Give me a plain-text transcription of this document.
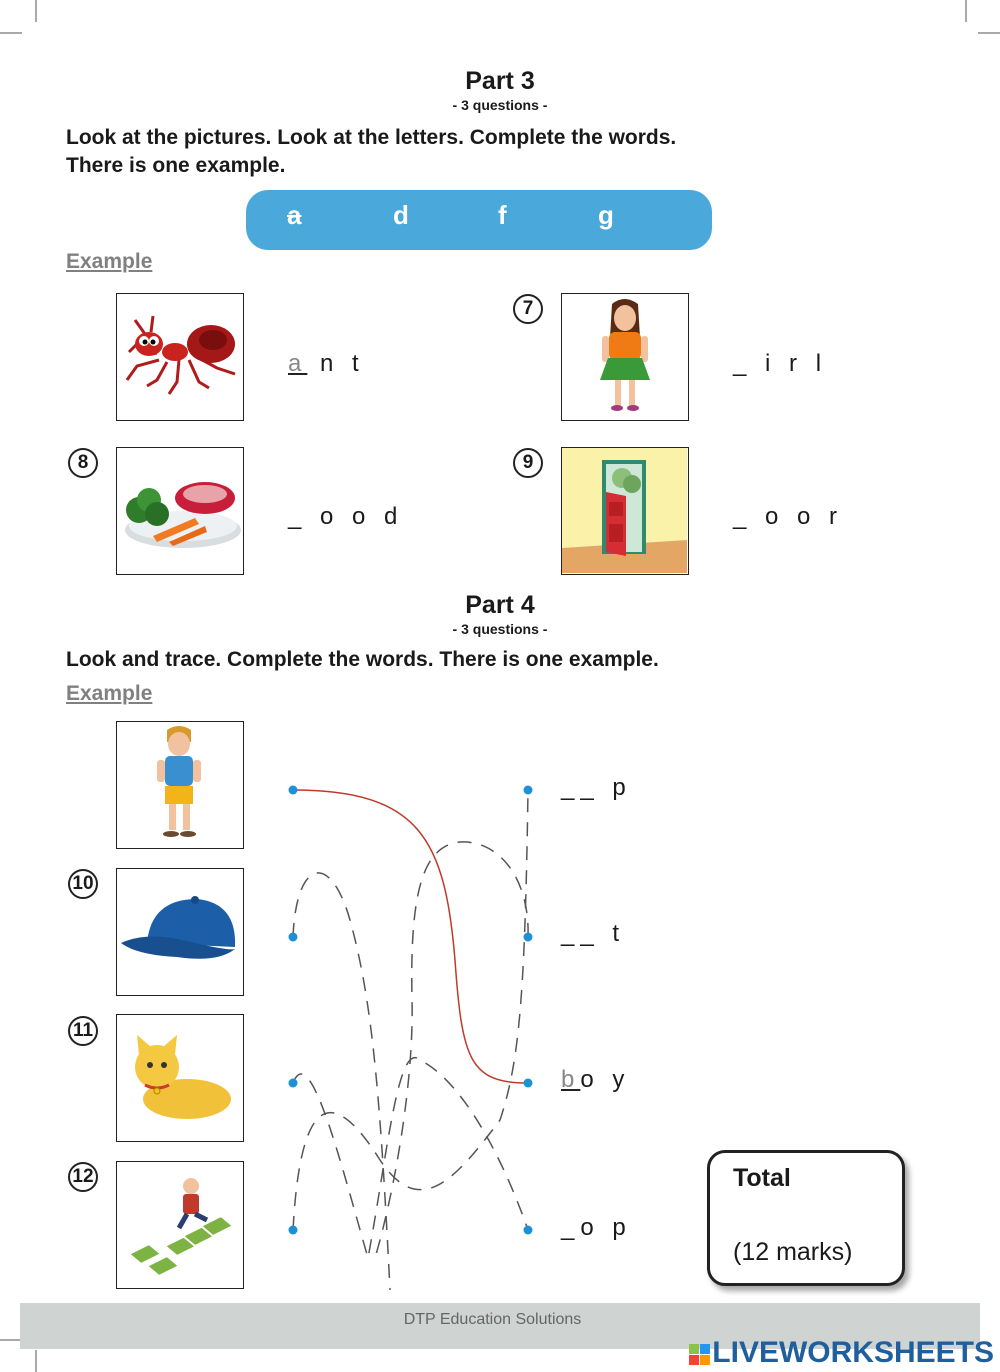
Part 3
- 3 questions -
Look at the pictures. Look at the letters. Complete the words.
There is one example.
a	d	f	g
Example
a n t
7
_ i r l
8
_ o o d
9
_ o o r
Part 4
- 3 questions -
Look and trace. Complete the words. There is one example.
Example
10
11
12
__ p
__ t
bo y
_o p
Total
(12 marks)
DTP Education Solutions
LIVEWORKSHEETS
